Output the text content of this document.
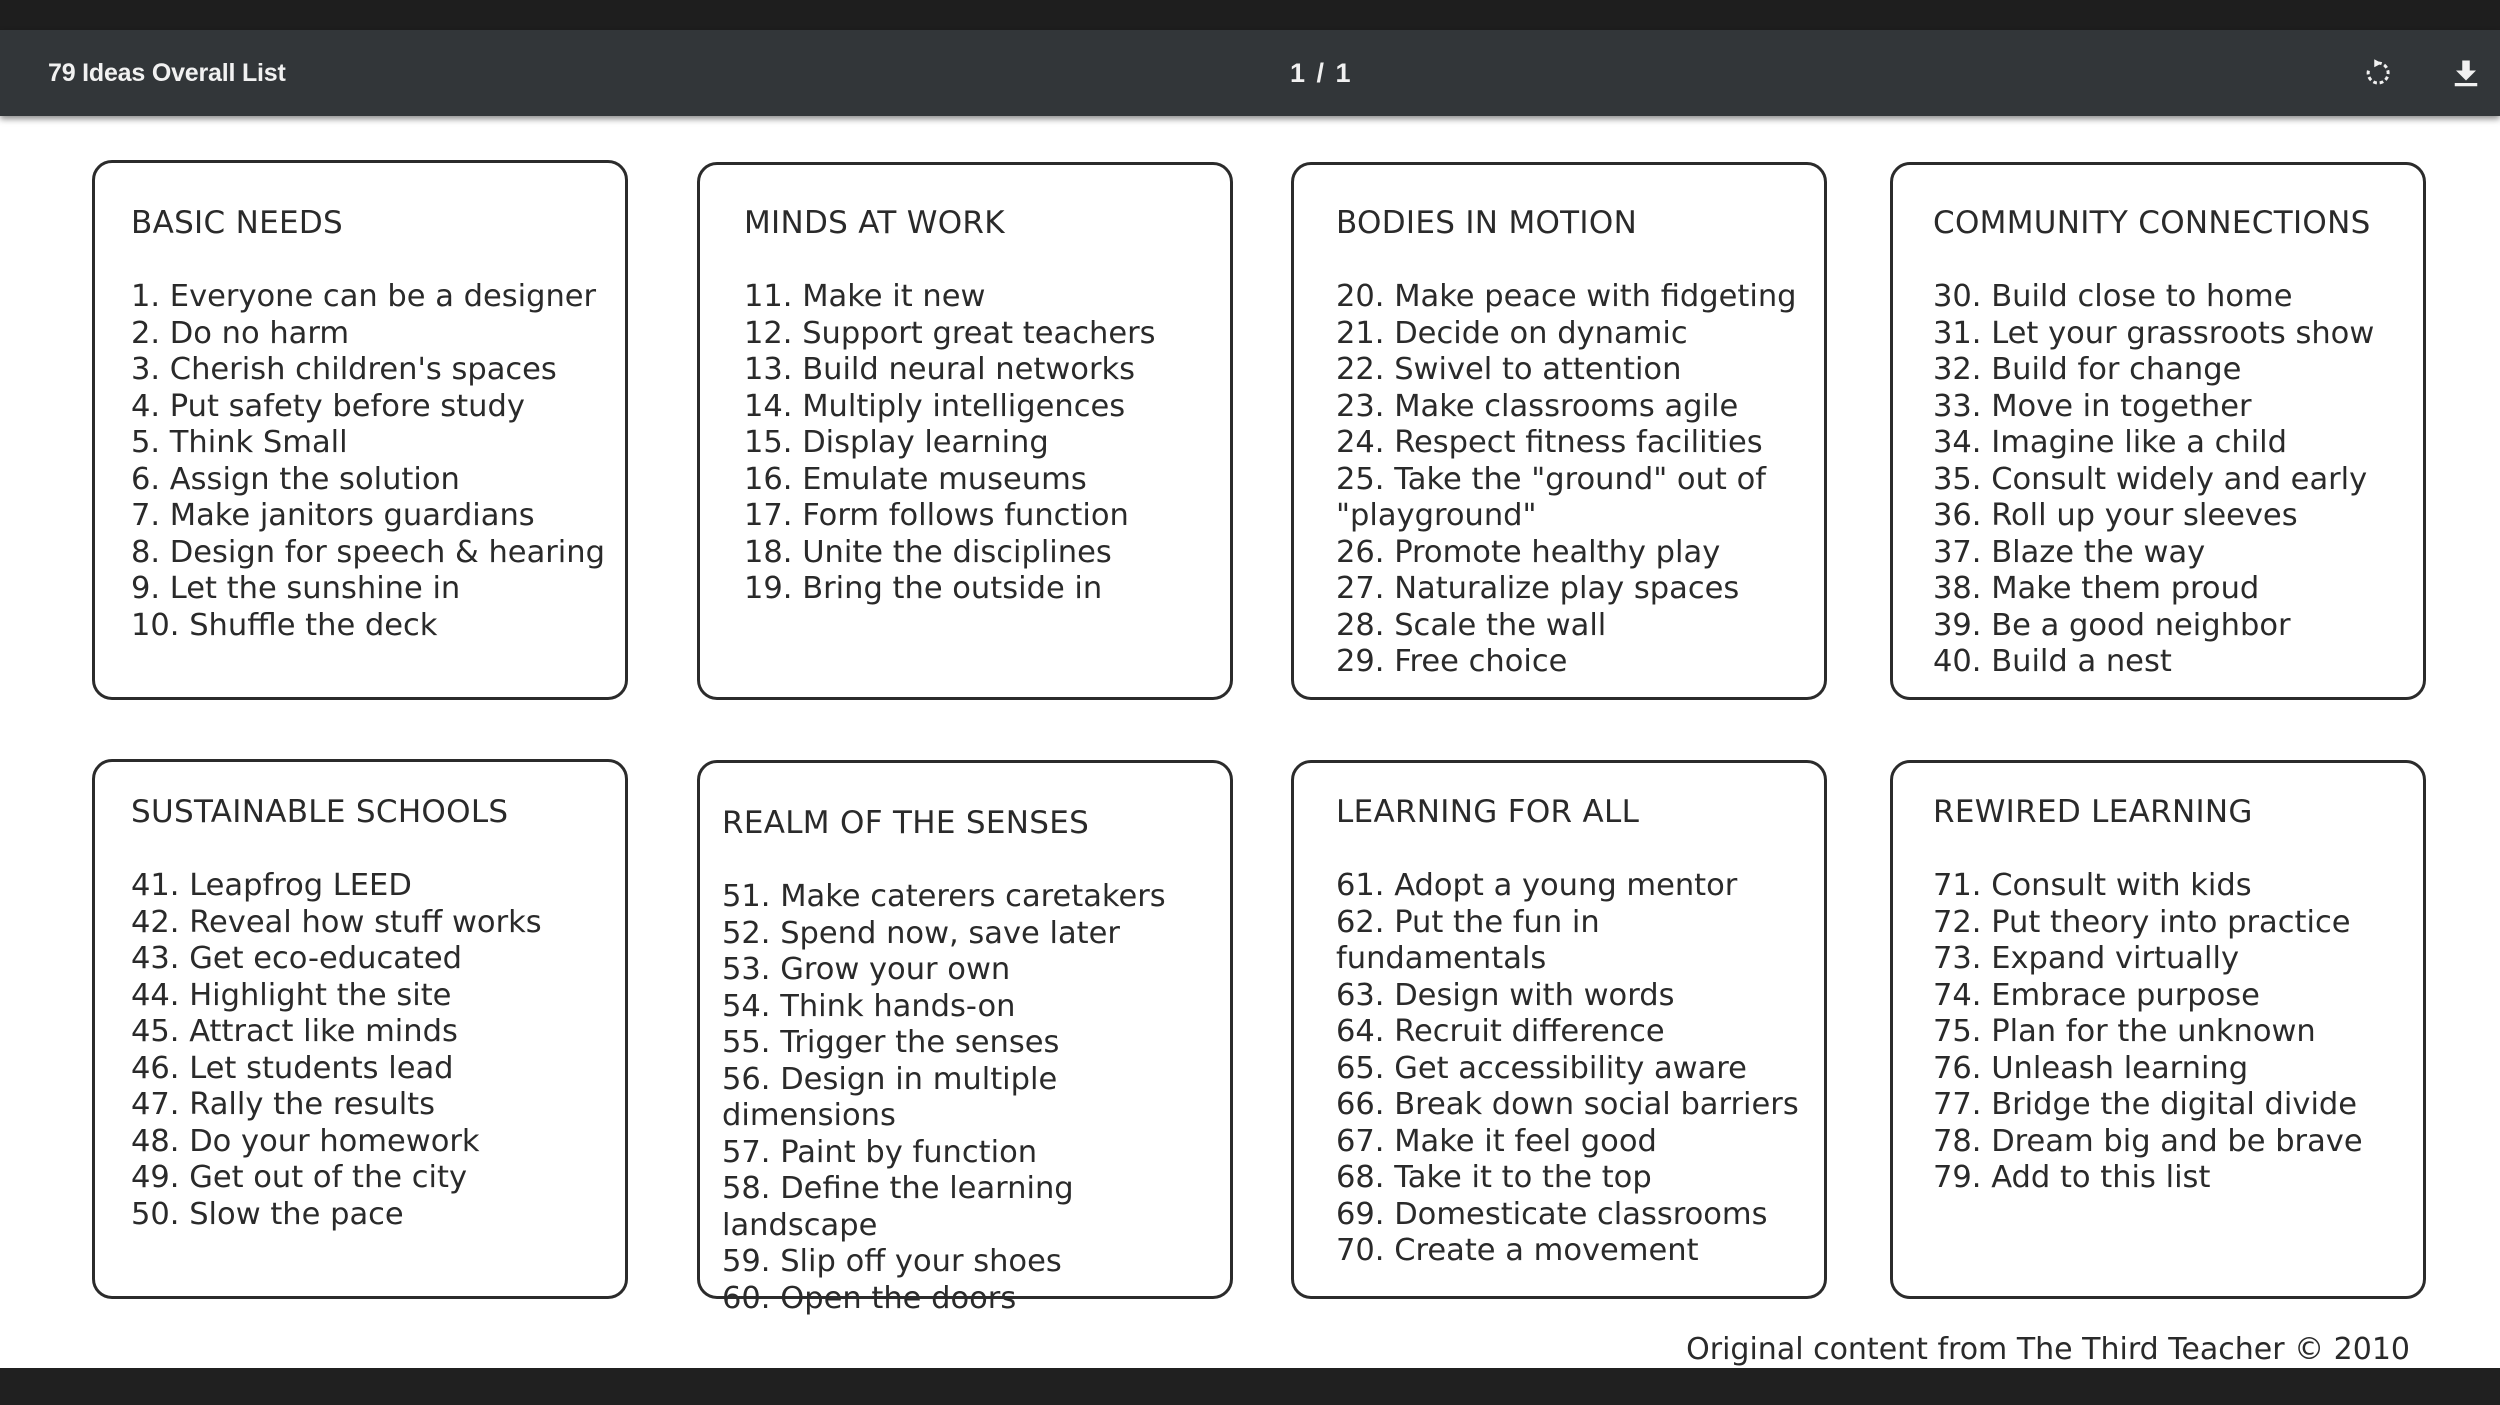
79 Ideas Overall List	1 / 1
BASIC NEEDS
1. Everyone can be a designer
2. Do no harm
3. Cherish children's spaces
4. Put safety before study
5. Think Small
6. Assign the solution
7. Make janitors guardians
8. Design for speech & hearing
9. Let the sunshine in
10. Shuffle the deck
MINDS AT WORK
11. Make it new
12. Support great teachers
13. Build neural networks
14. Multiply intelligences
15. Display learning
16. Emulate museums
17. Form follows function
18. Unite the disciplines
19. Bring the outside in
BODIES IN MOTION
20. Make peace with fidgeting
21. Decide on dynamic
22. Swivel to attention
23. Make classrooms agile
24. Respect fitness facilities
25. Take the "ground" out of
"playground"
26. Promote healthy play
27. Naturalize play spaces
28. Scale the wall
29. Free choice
COMMUNITY CONNECTIONS
30. Build close to home
31. Let your grassroots show
32. Build for change
33. Move in together
34. Imagine like a child
35. Consult widely and early
36. Roll up your sleeves
37. Blaze the way
38. Make them proud
39. Be a good neighbor
40. Build a nest
SUSTAINABLE SCHOOLS
41. Leapfrog LEED
42. Reveal how stuff works
43. Get eco-educated
44. Highlight the site
45. Attract like minds
46. Let students lead
47. Rally the results
48. Do your homework
49. Get out of the city
50. Slow the pace
REALM OF THE SENSES
51. Make caterers caretakers
52. Spend now, save later
53. Grow your own
54. Think hands-on
55. Trigger the senses
56. Design in multiple dimensions
57. Paint by function
58. Define the learning landscape
59. Slip off your shoes
60. Open the doors
LEARNING FOR ALL
61. Adopt a young mentor
62. Put the fun in
fundamentals
63. Design with words
64. Recruit difference
65. Get accessibility aware
66. Break down social barriers
67. Make it feel good
68. Take it to the top
69. Domesticate classrooms
70. Create a movement
REWIRED LEARNING
71. Consult with kids
72. Put theory into practice
73. Expand virtually
74. Embrace purpose
75. Plan for the unknown
76. Unleash learning
77. Bridge the digital divide
78. Dream big and be brave
79. Add to this list
Original content from The Third Teacher © 2010
